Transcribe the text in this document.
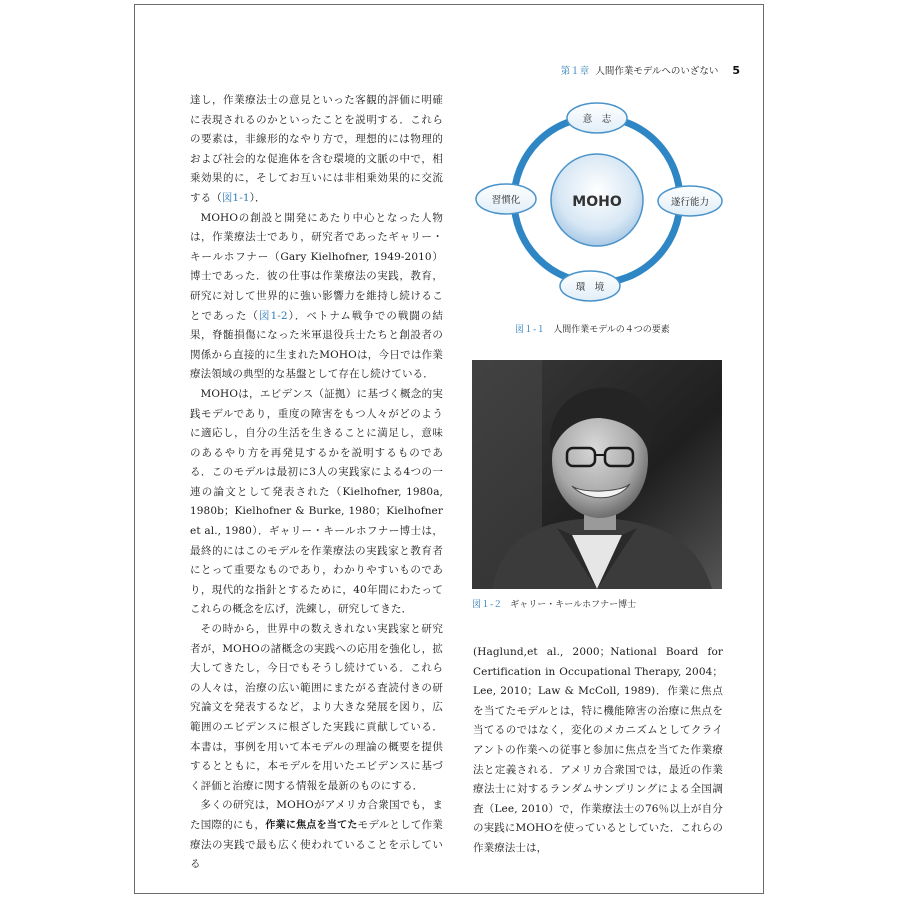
第１章 人間作業モデルへのいざない 5

達し，作業療法士の意見といった客観的評価に明確に表現されるのかといったことを説明する．これらの要素は，非線形的なやり方で，理想的には物理的および社会的な促進体を含む環境的文脈の中で，相乗効果的に，そしてお互いには非相乗効果的に交流する（図1-1）．

MOHOの創設と開発にあたり中心となった人物は，作業療法士であり，研究者であったギャリー・キールホフナー（Gary Kielhofner, 1949-2010）博士であった．彼の仕事は作業療法の実践，教育，研究に対して世界的に強い影響力を維持し続けることであった（図1-2）．ベトナム戦争での戦闘の結果，脊髄損傷になった米軍退役兵士たちと創設者の関係から直接的に生まれたMOHOは，今日では作業療法領域の典型的な基盤として存在し続けている．

MOHOは，エビデンス（証拠）に基づく概念的実践モデルであり，重度の障害をもつ人々がどのように適応し，自分の生活を生きることに満足し，意味のあるやり方を再発見するかを説明するものである．このモデルは最初に3人の実践家による4つの一連の論文として発表された（Kielhofner, 1980a, 1980b；Kielhofner & Burke, 1980；Kielhofner et al., 1980）．ギャリー・キールホフナー博士は，最終的にはこのモデルを作業療法の実践家と教育者にとって重要なものであり，わかりやすいものであり，現代的な指針とするために，40年間にわたってこれらの概念を広げ，洗練し，研究してきた．

その時から，世界中の数えきれない実践家と研究者が，MOHOの諸概念の実践への応用を強化し，拡大してきたし，今日でもそうし続けている．これらの人々は，治療の広い範囲にまたがる査読付きの研究論文を発表するなど，より大きな発展を図り，広範囲のエビデンスに根ざした実践に貢献している．本書は，事例を用いて本モデルの理論の概要を提供するとともに，本モデルを用いたエビデンスに基づく評価と治療に関する情報を最新のものにする．

多くの研究は，MOHOがアメリカ合衆国でも，また国際的にも，作業に焦点を当てたモデルとして作業療法の実践で最も広く使われていることを示している

MOHO
意　志
遂行能力
環　境
習慣化
図１-１ 人間作業モデルの４つの要素
図１-２ ギャリー・キールホフナー博士

(Haglund,et al., 2000；National Board for Certification in Occupational Therapy, 2004；Lee, 2010；Law & McColl, 1989)．作業に焦点を当てたモデルとは，特に機能障害の治療に焦点を当てるのではなく，変化のメカニズムとしてクライアントの作業への従事と参加に焦点を当てた作業療法と定義される．アメリカ合衆国では，最近の作業療法士に対するランダムサンプリングによる全国調査（Lee, 2010）で，作業療法士の76％以上が自分の実践にMOHOを使っているとしていた．これらの作業療法士は，
